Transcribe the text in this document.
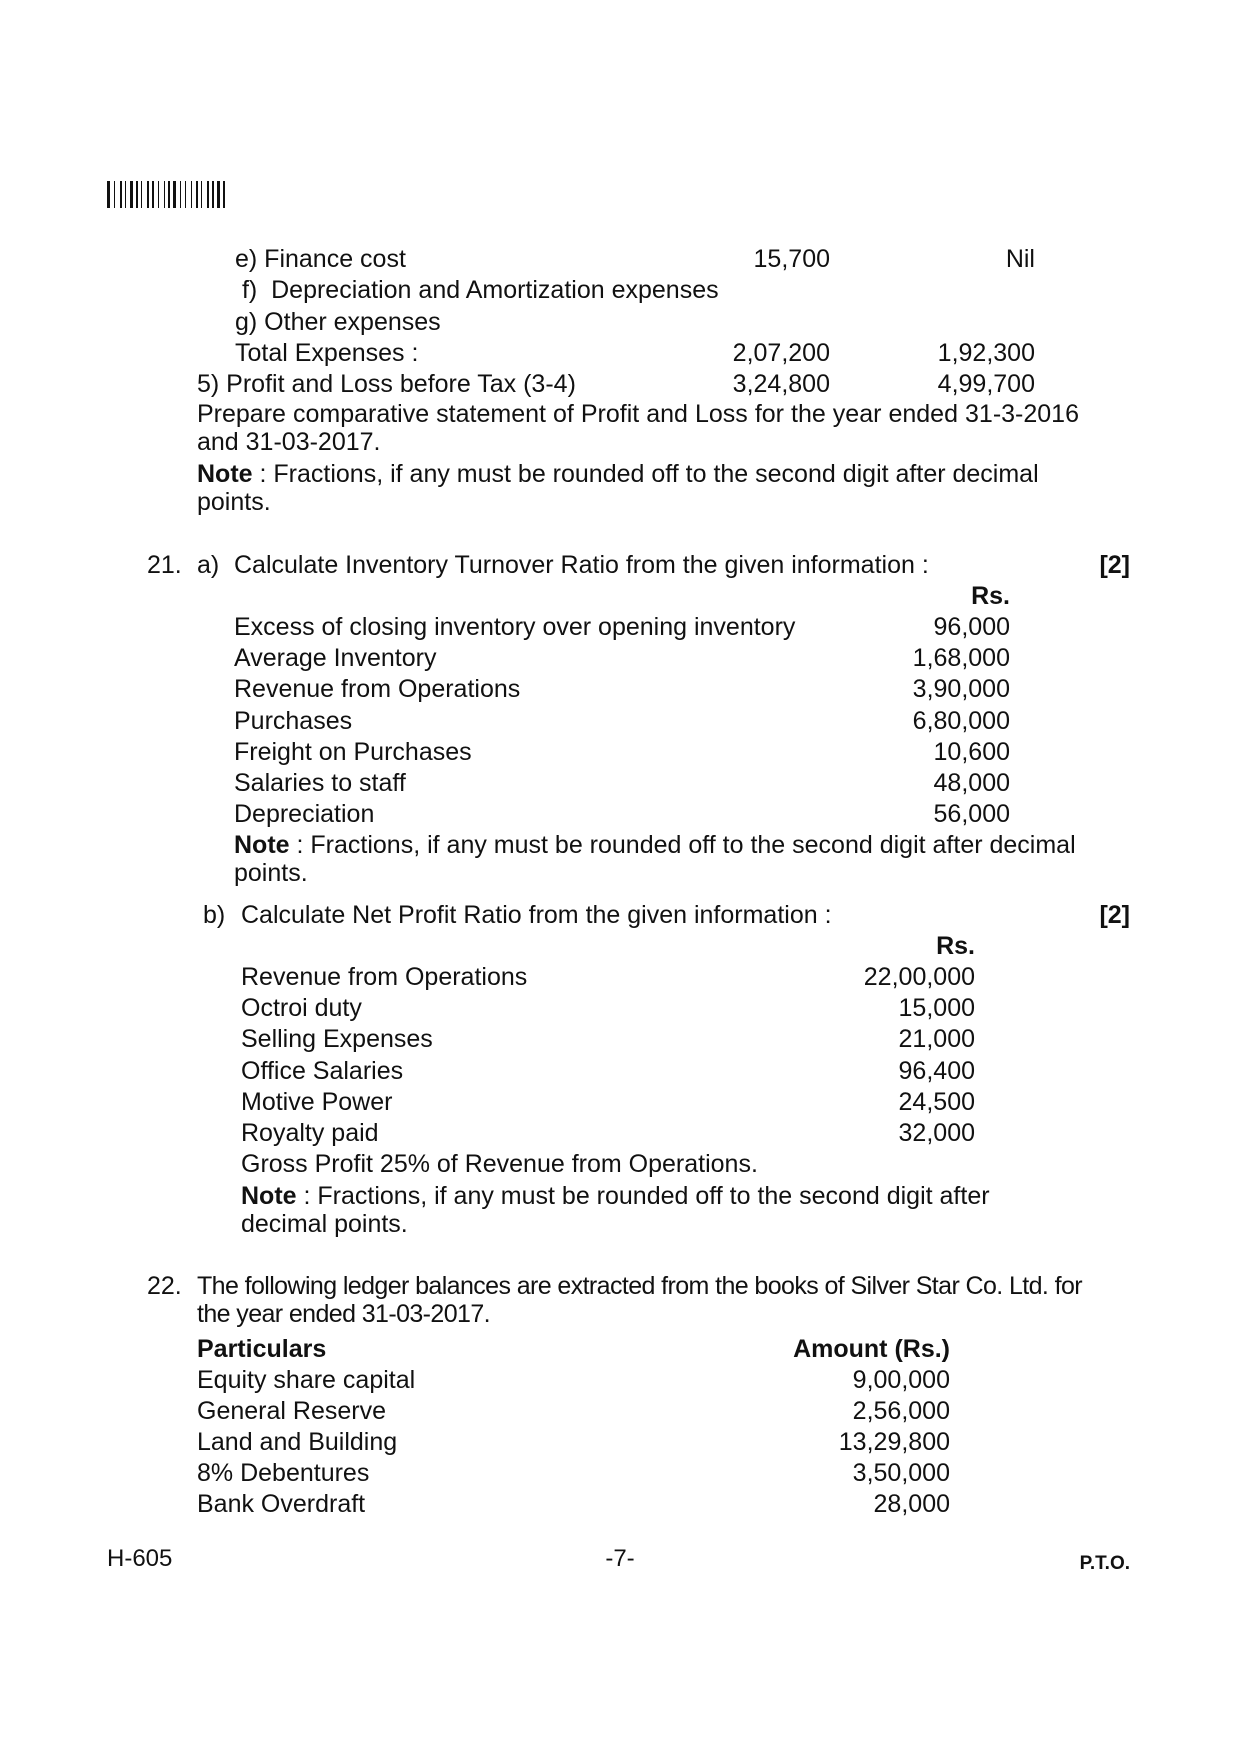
e) Finance cost	15,700	Nil
f)  Depreciation and Amortization expenses
g) Other expenses
Total Expenses :	2,07,200	1,92,300
5) Profit and Loss before Tax (3-4)	3,24,800	4,99,700
Prepare comparative statement of Profit and Loss for the year ended 31-3-2016 and 31-03-2017.
Note : Fractions, if any must be rounded off to the second digit after decimal points.
21. a) Calculate Inventory Turnover Ratio from the given information :	[2]
Rs.
Excess of closing inventory over opening inventory	96,000
Average Inventory	1,68,000
Revenue from Operations	3,90,000
Purchases	6,80,000
Freight on Purchases	10,600
Salaries to staff	48,000
Depreciation	56,000
Note : Fractions, if any must be rounded off to the second digit after decimal points.
b) Calculate Net Profit Ratio from the given information :	[2]
Rs.
Revenue from Operations	22,00,000
Octroi duty	15,000
Selling Expenses	21,000
Office Salaries	96,400
Motive Power	24,500
Royalty paid	32,000
Gross Profit 25% of Revenue from Operations.
Note : Fractions, if any must be rounded off to the second digit after decimal points.
22. The following ledger balances are extracted from the books of Silver Star Co. Ltd. for the year ended 31-03-2017.
Particulars	Amount (Rs.)
Equity share capital	9,00,000
General Reserve	2,56,000
Land and Building	13,29,800
8% Debentures	3,50,000
Bank Overdraft	28,000
H-605	-7-	P.T.O.
